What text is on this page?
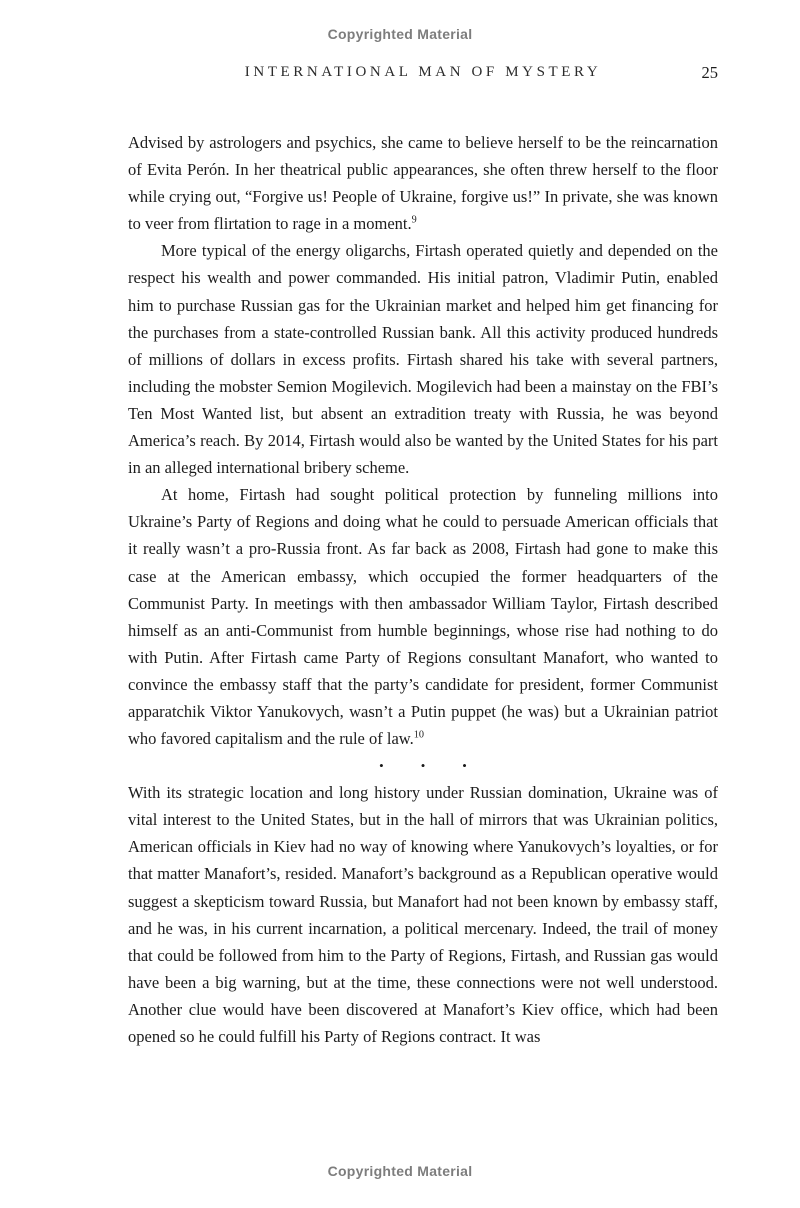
Copyrighted Material
INTERNATIONAL MAN OF MYSTERY	25

Advised by astrologers and psychics, she came to believe herself to be the reincarnation of Evita Perón. In her theatrical public appearances, she often threw herself to the floor while crying out, “Forgive us! People of Ukraine, forgive us!” In private, she was known to veer from flirtation to rage in a moment.$^9$

More typical of the energy oligarchs, Firtash operated quietly and depended on the respect his wealth and power commanded. His initial patron, Vladimir Putin, enabled him to purchase Russian gas for the Ukrainian market and helped him get financing for the purchases from a state-controlled Russian bank. All this activity produced hundreds of millions of dollars in excess profits. Firtash shared his take with several partners, including the mobster Semion Mogilevich. Mogilevich had been a mainstay on the FBI’s Ten Most Wanted list, but absent an extradition treaty with Russia, he was beyond America’s reach. By 2014, Firtash would also be wanted by the United States for his part in an alleged international bribery scheme.

At home, Firtash had sought political protection by funneling millions into Ukraine’s Party of Regions and doing what he could to persuade American officials that it really wasn’t a pro-Russia front. As far back as 2008, Firtash had gone to make this case at the American embassy, which occupied the former headquarters of the Communist Party. In meetings with then ambassador William Taylor, Firtash described himself as an anti-Communist from humble beginnings, whose rise had nothing to do with Putin. After Firtash came Party of Regions consultant Manafort, who wanted to convince the embassy staff that the party’s candidate for president, former Communist apparatchik Viktor Yanukovych, wasn’t a Putin puppet (he was) but a Ukrainian patriot who favored capitalism and the rule of law.$^{10}$

•	•	•

With its strategic location and long history under Russian domination, Ukraine was of vital interest to the United States, but in the hall of mirrors that was Ukrainian politics, American officials in Kiev had no way of knowing where Yanukovych’s loyalties, or for that matter Manafort’s, resided. Manafort’s background as a Republican operative would suggest a skepticism toward Russia, but Manafort had not been known by embassy staff, and he was, in his current incarnation, a political mercenary. Indeed, the trail of money that could be followed from him to the Party of Regions, Firtash, and Russian gas would have been a big warning, but at the time, these connections were not well understood. Another clue would have been discovered at Manafort’s Kiev office, which had been opened so he could fulfill his Party of Regions contract. It was

Copyrighted Material
